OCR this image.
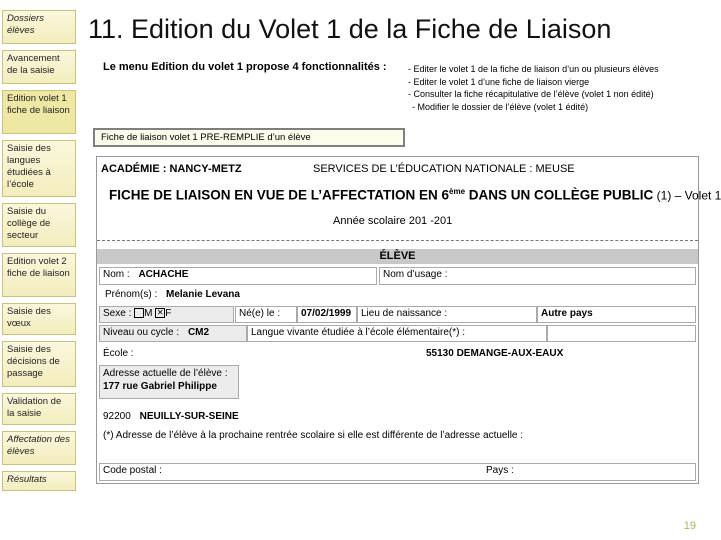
Dossiers élèves
Avancement de la saisie
Edition volet 1 fiche de liaison
Saisie des langues étudiées à l’école
Saisie du collège de secteur
Edition volet 2 fiche de liaison
Saisie des vœux
Saisie des décisions de passage
Validation de la saisie
Affectation des élèves
Résultats
11. Edition du Volet 1 de la Fiche de Liaison
Le menu Edition du volet 1 propose 4 fonctionnalités : - Editer le volet 1 de la fiche de liaison d’un ou plusieurs élèves
- Editer le volet 1 d’une fiche de liaison vierge
- Consulter la fiche récapitulative de l’élève (volet 1 non édité)
- Modifier le dossier de l’élève (volet 1 édité)
Fiche de liaison volet 1 PRE-REMPLIE d’un élève
ACADÉMIE : NANCY-METZ	SERVICES DE L’ÉDUCATION NATIONALE : MEUSE
FICHE DE LIAISON EN VUE DE L’AFFECTATION EN 6ème DANS UN COLLÈGE PUBLIC (1) – Volet 1
Année scolaire 201 -201
ÉLÈVE
Nom : ACHACHE	Nom d’usage :
Prénom(s) : Melanie Levana
Sexe : M ✕ F	Né(e) le :	07/02/1999 Lieu de naissance :	Autre pays
Niveau ou cycle : CM2	Langue vivante étudiée à l’école élémentaire(*) :
École :	55130 DEMANGE-AUX-EAUX
Adresse actuelle de l’élève :
177 rue Gabriel Philippe
92200 NEUILLY-SUR-SEINE
(*) Adresse de l’élève à la prochaine rentrée scolaire si elle est différente de l’adresse actuelle :
Code postal :	Pays :
19
